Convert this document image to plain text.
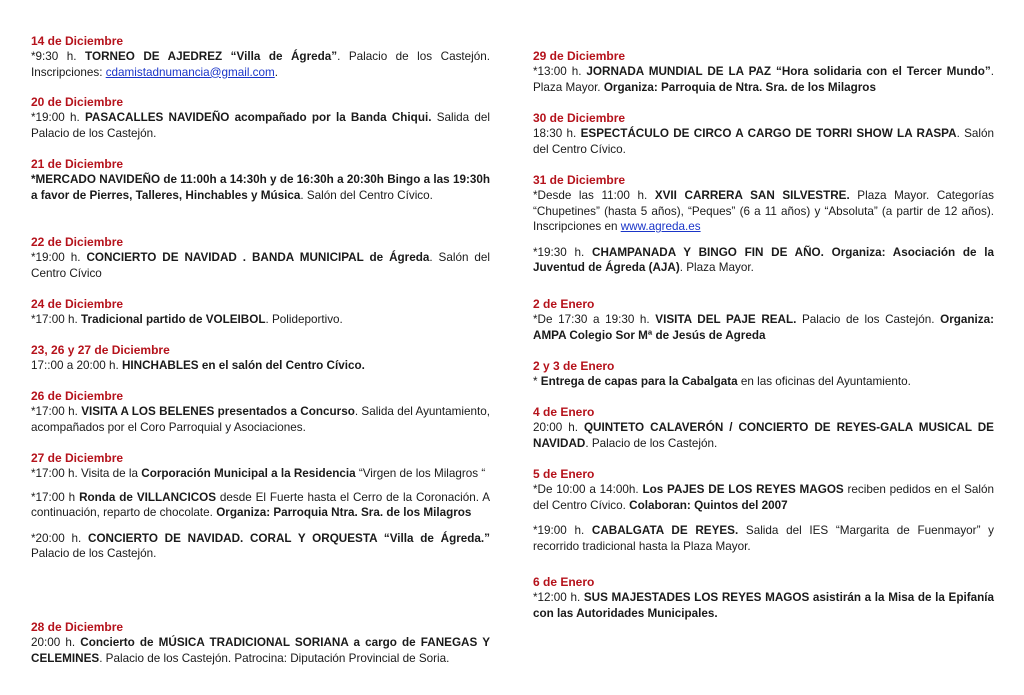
14 de Diciembre

*9:30 h. TORNEO DE AJEDREZ “Villa de Ágreda”. Palacio de los Castejón. Inscripciones: cdamistadnumancia@gmail.com.

20 de Diciembre

*19:00 h. PASACALLES NAVIDEÑO acompañado por la Banda Chiqui. Salida del Palacio de los Castejón.

21 de Diciembre

*MERCADO NAVIDEÑO de 11:00h a 14:30h y de 16:30h a 20:30h Bingo a las 19:30h a favor de Pierres, Talleres, Hinchables y Música. Salón del Centro Cívico.

22 de Diciembre

*19:00 h. CONCIERTO DE NAVIDAD . BANDA MUNICIPAL de Ágreda. Salón del Centro Cívico

24 de Diciembre

*17:00 h. Tradicional partido de VOLEIBOL. Polideportivo.

23, 26 y 27 de Diciembre

17::00 a 20:00 h. HINCHABLES en el salón del Centro Cívico.

26 de Diciembre

*17:00 h. VISITA A LOS BELENES presentados a Concurso. Salida del Ayuntamiento, acompañados por el Coro Parroquial y Asociaciones.

27 de Diciembre

*17:00 h. Visita de la Corporación Municipal a la Residencia “Virgen de los Milagros “

*17:00 h Ronda de VILLANCICOS desde El Fuerte hasta el Cerro de la Coronación. A continuación, reparto de chocolate. Organiza: Parroquia Ntra. Sra. de los Milagros

*20:00 h. CONCIERTO DE NAVIDAD. CORAL Y ORQUESTA “Villa de Ágreda.” Palacio de los Castejón.

28 de Diciembre

20:00 h. Concierto de MÚSICA TRADICIONAL SORIANA a cargo de FANEGAS Y CELEMINES. Palacio de los Castejón. Patrocina: Diputación Provincial de Soria.

29 de Diciembre

*13:00 h. JORNADA MUNDIAL DE LA PAZ “Hora solidaria con el Tercer Mundo”. Plaza Mayor. Organiza: Parroquia de Ntra. Sra. de los Milagros

30 de Diciembre

18:30 h. ESPECTÁCULO DE CIRCO A CARGO DE TORRI SHOW LA RASPA. Salón del Centro Cívico.

31 de Diciembre

*Desde las 11:00 h. XVII CARRERA SAN SILVESTRE. Plaza Mayor. Categorías “Chupetines” (hasta 5 años), “Peques” (6 a 11 años) y “Absoluta” (a partir de 12 años). Inscripciones en www.agreda.es

*19:30 h. CHAMPANADA Y BINGO FIN DE AÑO. Organiza: Asociación de la Juventud de Ágreda (AJA). Plaza Mayor.

2 de Enero

*De 17:30 a 19:30 h. VISITA DEL PAJE REAL. Palacio de los Castejón. Organiza: AMPA Colegio Sor Mª de Jesús de Agreda

2 y 3 de Enero

* Entrega de capas para la Cabalgata en las oficinas del Ayuntamiento.

4 de Enero

20:00 h. QUINTETO CALAVERÓN / CONCIERTO DE REYES-GALA MUSICAL DE NAVIDAD. Palacio de los Castejón.

5 de Enero

*De 10:00 a 14:00h. Los PAJES DE LOS REYES MAGOS reciben pedidos en el Salón del Centro Cívico. Colaboran: Quintos del 2007

*19:00 h. CABALGATA DE REYES. Salida del IES “Margarita de Fuenmayor” y recorrido tradicional hasta la Plaza Mayor.

6 de Enero

*12:00 h. SUS MAJESTADES LOS REYES MAGOS asistirán a la Misa de la Epifanía con las Autoridades Municipales.
